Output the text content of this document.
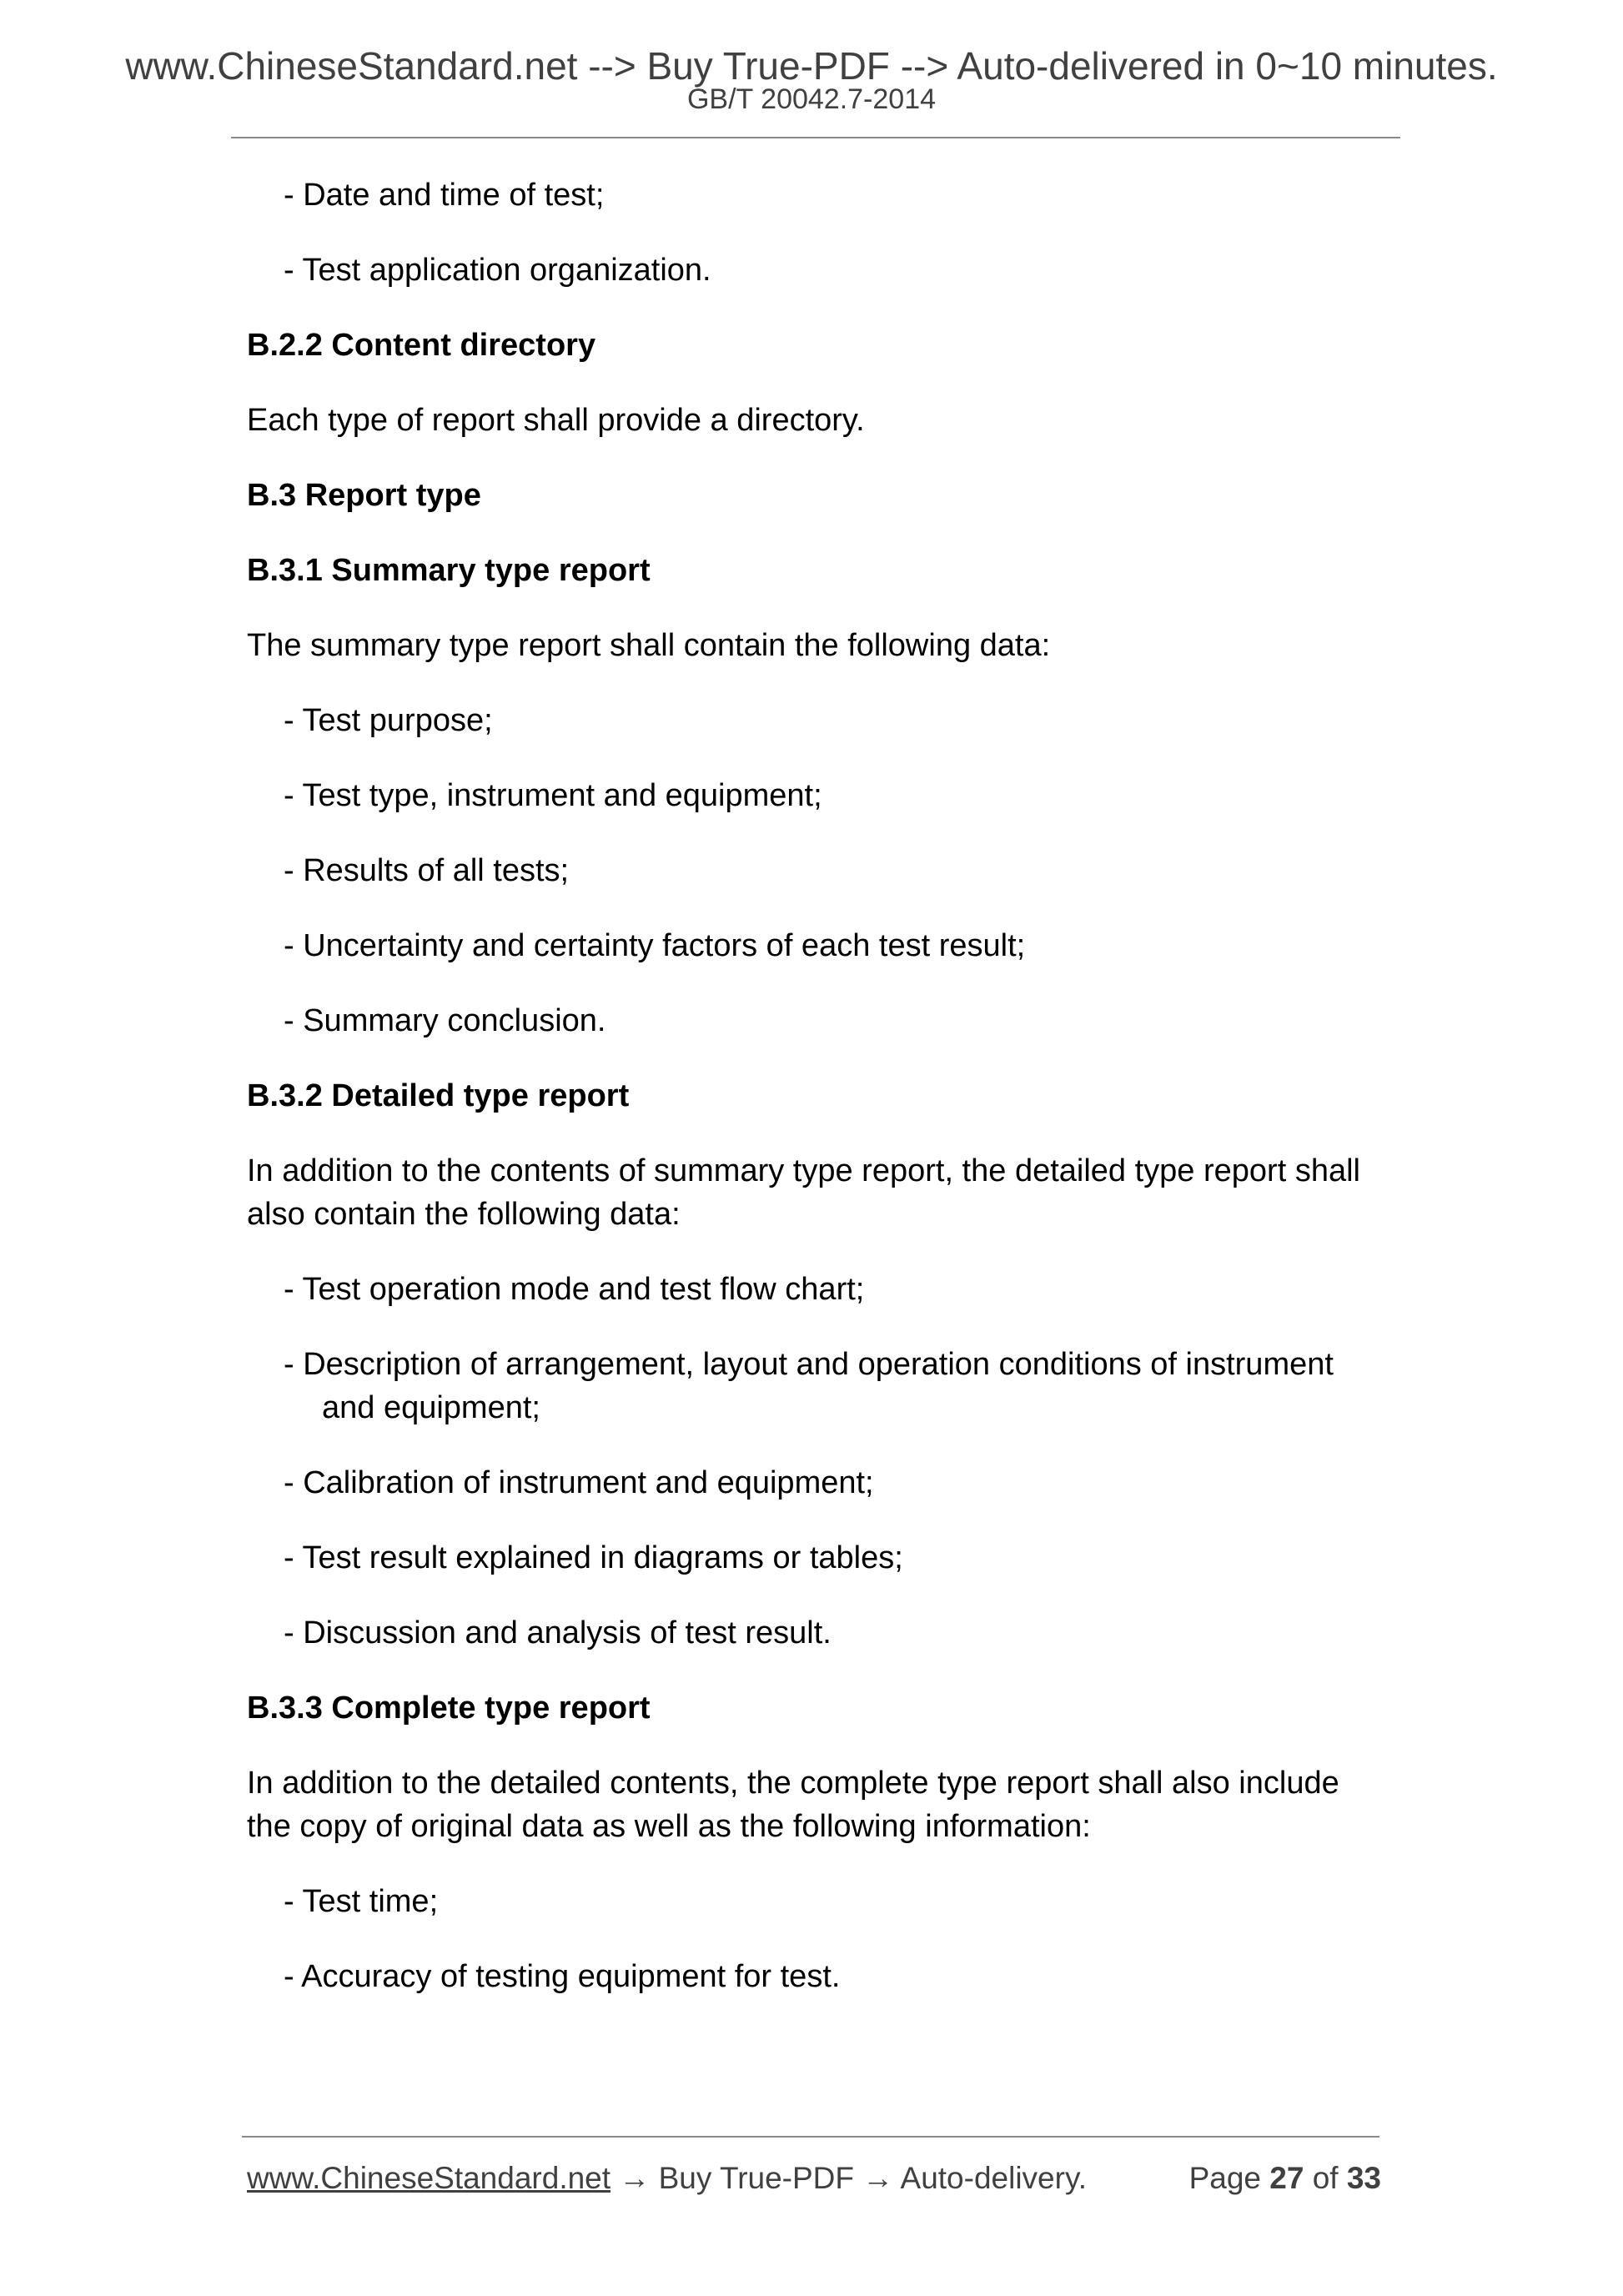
www.ChineseStandard.net --> Buy True-PDF --> Auto-delivered in 0~10 minutes.
GB/T 20042.7-2014
- Date and time of test;
- Test application organization.
B.2.2 Content directory
Each type of report shall provide a directory.
B.3 Report type
B.3.1 Summary type report
The summary type report shall contain the following data:
- Test purpose;
- Test type, instrument and equipment;
- Results of all tests;
- Uncertainty and certainty factors of each test result;
- Summary conclusion.
B.3.2 Detailed type report
In addition to the contents of summary type report, the detailed type report shall
also contain the following data:
- Test operation mode and test flow chart;
- Description of arrangement, layout and operation conditions of instrument
and equipment;
- Calibration of instrument and equipment;
- Test result explained in diagrams or tables;
- Discussion and analysis of test result.
B.3.3 Complete type report
In addition to the detailed contents, the complete type report shall also include
the copy of original data as well as the following information:
- Test time;
- Accuracy of testing equipment for test.
www.ChineseStandard.net → Buy True-PDF → Auto-delivery.	Page 27 of 33
